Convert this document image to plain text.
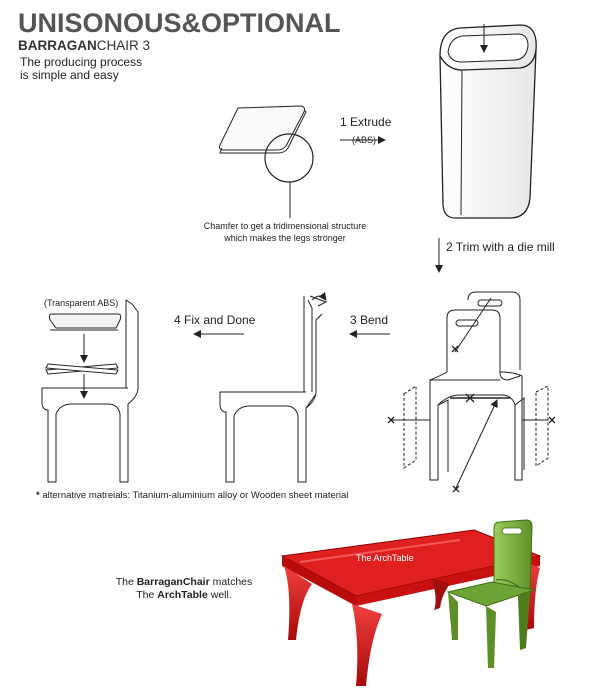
UNISONOUS&OPTIONAL
BARRAGANCHAIR 3
The producing process
is simple and easy
1 Extrude
(ABS)
2 Trim with a die mill
3 Bend
4 Fix and Done
Chamfer to get a tridimensional structure
which makes the legs stronger
(Transparent ABS)
* alternative matreials: Titanium-aluminium alloy or Wooden sheet material
The ArchTable
The BarraganChair matches
The ArchTable well.
